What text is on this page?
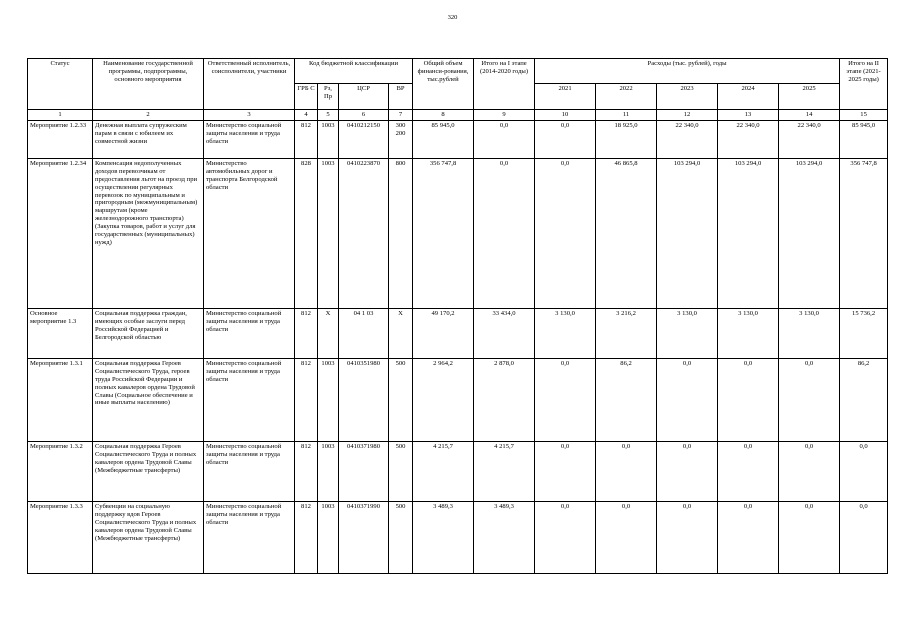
320
Статус	Наименование государственной программы, подпрограммы, основного мероприятия	Ответственный исполнитель, соисполнители, участники	Код бюджетной классификации				Общий объем финанси-рования, тыс.рублей	Итого на I этапе (2014-2020 годы)	Расходы (тыс. рублей), годы					Итого на II этапе (2021-2025 годы)
			ГРБ С	Рз, Пр	ЦСР	ВР			2021	2022	2023	2024	2025	
1	2	3	4	5	6	7	8	9	10	11	12	13	14	15
Мероприятие 1.2.33	Денежная выплата супружеским парам в связи с юбилеем их совместной жизни	Министерство социальной защиты населения и труда области	812	1003	0410212150	300 200	85 945,0	0,0	0,0	18 925,0	22 340,0	22 340,0	22 340,0	85 945,0
Мероприятие 1.2.34	Компенсация недополученных доходов перевозчикам от предоставления льгот на проезд при осуществлении регулярных перевозок по муниципальным и пригородным (межмуниципальным) маршрутам (кроме железнодорожного транспорта) (Закупка товаров, работ и услуг для государственных (муниципальных) нужд)	Министерство автомобильных дорог и транспорта Белгородской области	828	1003	0410223870	800	356 747,8	0,0	0,0	46 865,8	103 294,0	103 294,0	103 294,0	356 747,8
Основное мероприятие 1.3	Социальная поддержка граждан, имеющих особые заслуги перед Российской Федерацией и Белгородской областью	Министерство социальной защиты населения и труда области	812	Х	04 1 03	Х	49 170,2	33 434,0	3 130,0	3 216,2	3 130,0	3 130,0	3 130,0	15 736,2
Мероприятие 1.3.1	Социальная поддержка Героев Социалистического Труда, героев труда Российской Федерации и полных кавалеров ордена Трудовой Славы (Социальное обеспечение и иные выплаты населению)	Министерство социальной защиты населения и труда области	812	1003	0410351980	500	2 964,2	2 878,0	0,0	86,2	0,0	0,0	0,0	86,2
Мероприятие 1.3.2	Социальная поддержка Героев Социалистического Труда и полных кавалеров ордена Трудовой Славы (Межбюджетные трансферты)	Министерство социальной защиты населения и труда области	812	1003	0410371980	500	4 215,7	4 215,7	0,0	0,0	0,0	0,0	0,0	0,0
Мероприятие 1.3.3	Субвенции на социальную поддержку вдов Героев Социалистического Труда и полных кавалеров ордена Трудовой Славы (Межбюджетные трансферты)	Министерство социальной защиты населения и труда области	812	1003	0410371990	500	3 489,3	3 489,3	0,0	0,0	0,0	0,0	0,0	0,0
